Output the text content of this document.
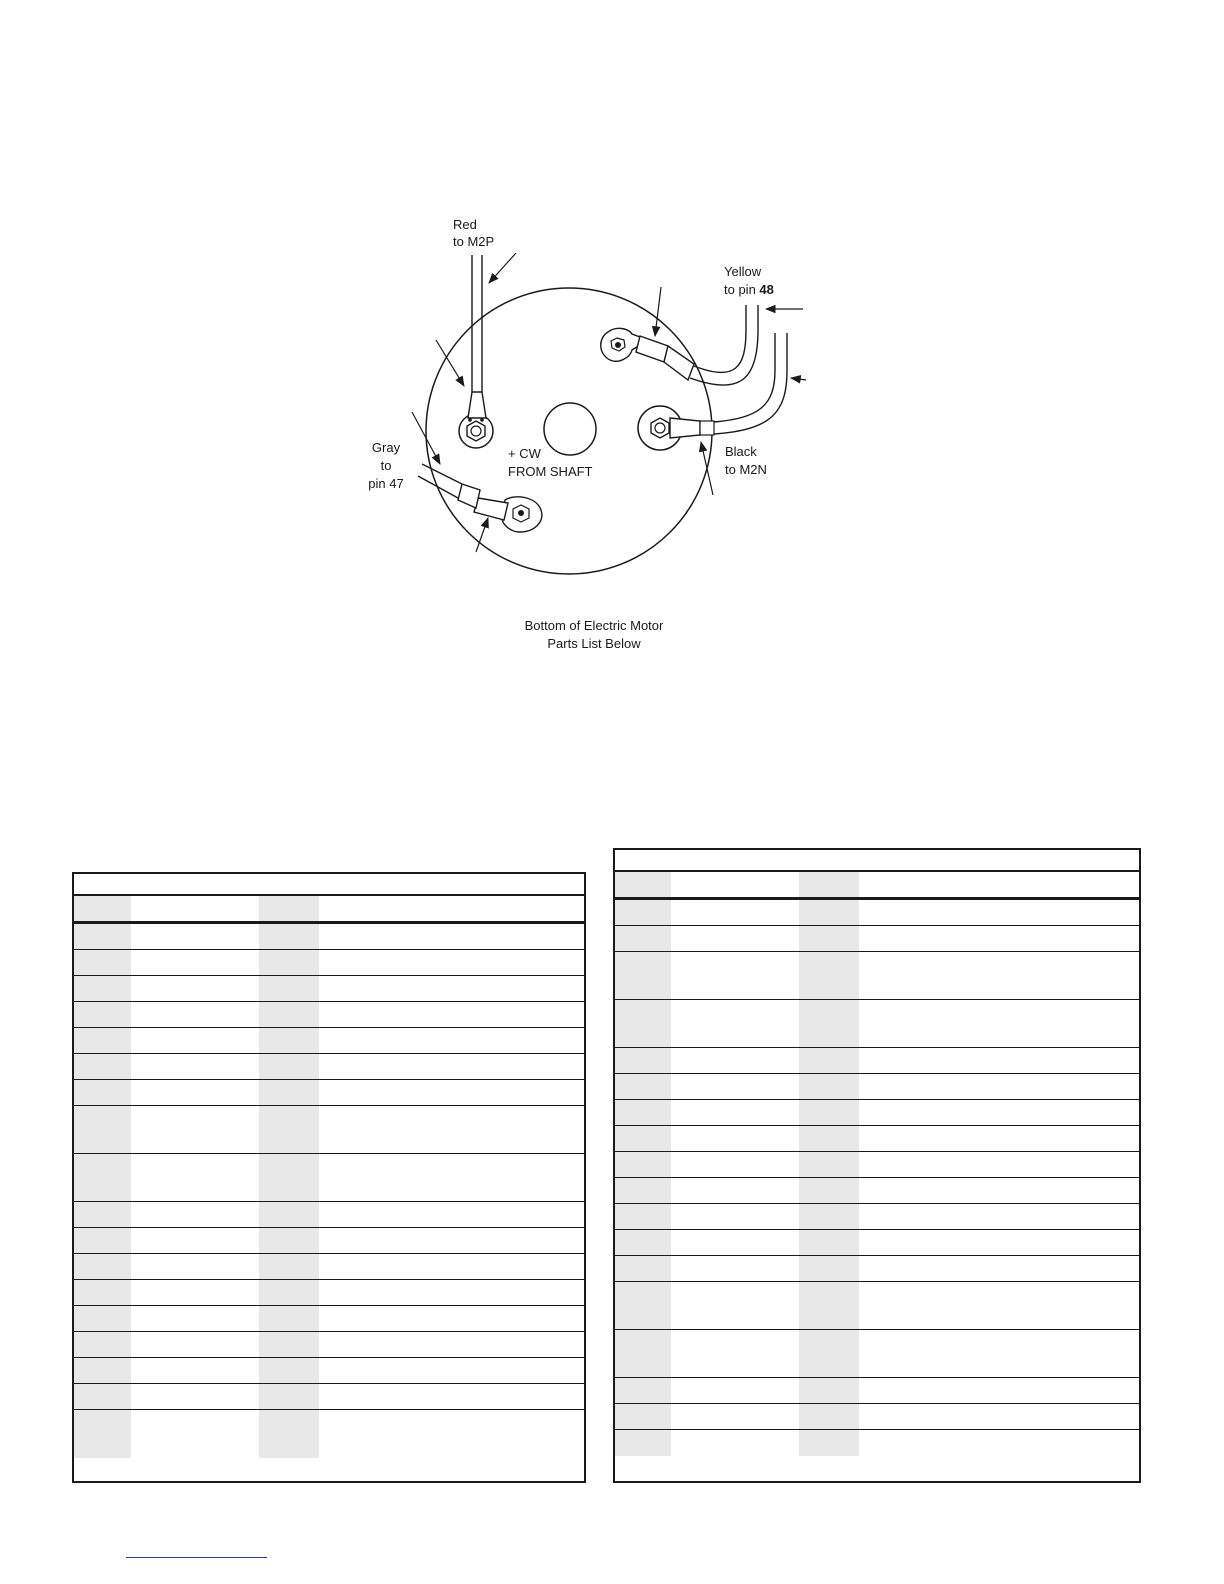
Red
to M2P
Yellow
to pin 48
Gray
to
pin 47
Black
to M2N
+ CW
FROM SHAFT
Bottom of Electric Motor
Parts List Below
